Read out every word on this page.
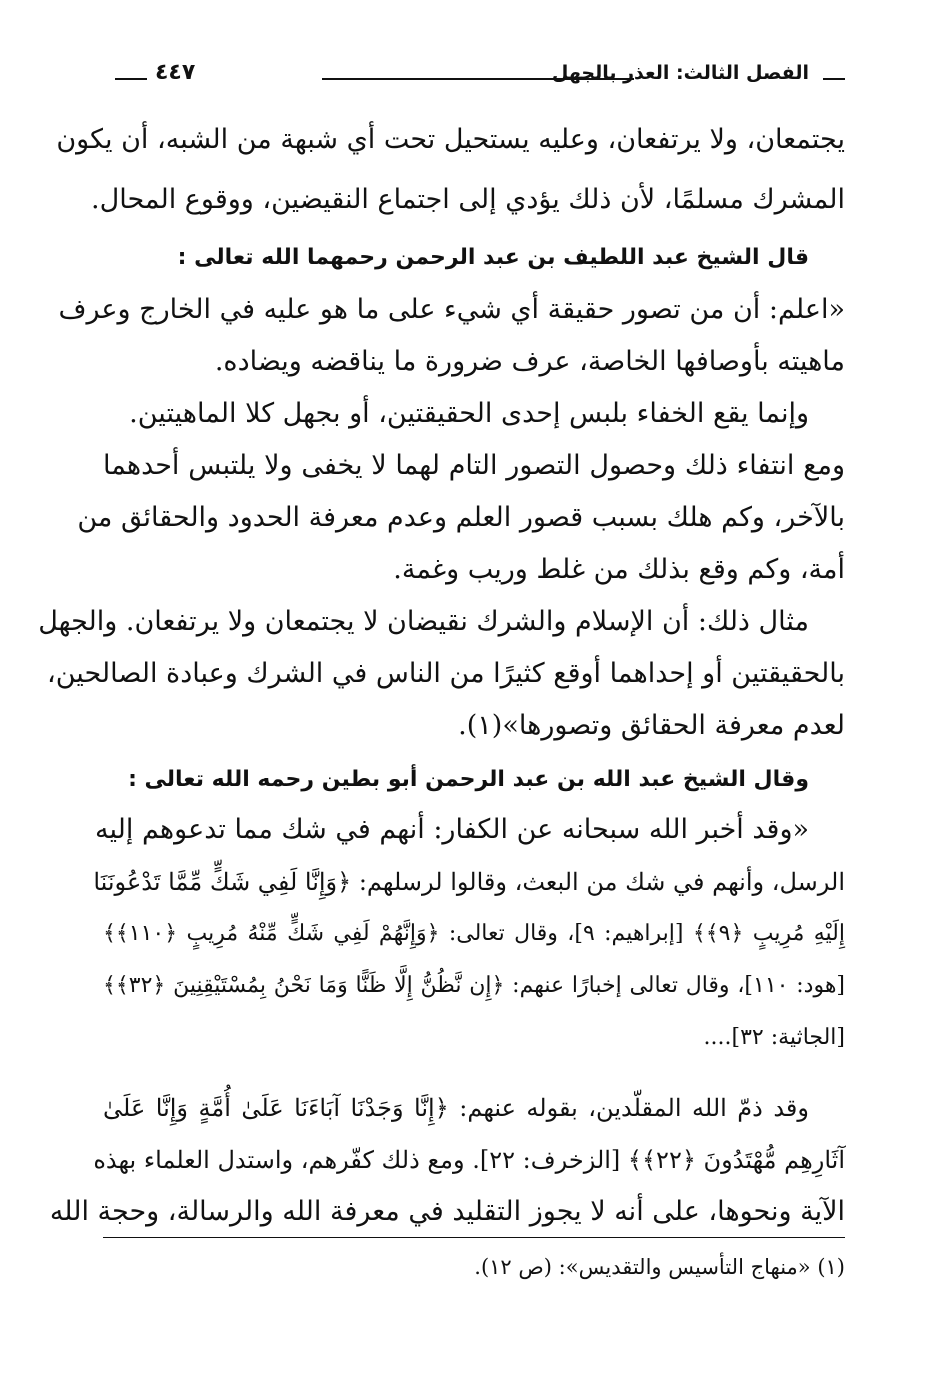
الفصل الثالث: العذر بالجهل
٤٤٧
يجتمعان، ولا يرتفعان، وعليه يستحيل تحت أي شبهة من الشبه، أن يكون
المشرك مسلمًا، لأن ذلك يؤدي إلى اجتماع النقيضين، ووقوع المحال.
قال الشيخ عبد اللطيف بن عبد الرحمن رحمهما الله تعالى :
«اعلم: أن من تصور حقيقة أي شيء على ما هو عليه في الخارج وعرف
ماهيته بأوصافها الخاصة، عرف ضرورة ما يناقضه ويضاده.
وإنما يقع الخفاء بلبس إحدى الحقيقتين، أو بجهل كلا الماهيتين.
ومع انتفاء ذلك وحصول التصور التام لهما لا يخفى ولا يلتبس أحدهما
بالآخر، وكم هلك بسبب قصور العلم وعدم معرفة الحدود والحقائق من
أمة، وكم وقع بذلك من غلط وريب وغمة.
مثال ذلك: أن الإسلام والشرك نقيضان لا يجتمعان ولا يرتفعان. والجهل
بالحقيقتين أو إحداهما أوقع كثيرًا من الناس في الشرك وعبادة الصالحين،
لعدم معرفة الحقائق وتصورها»(١).
وقال الشيخ عبد الله بن عبد الرحمن أبو بطين رحمه الله تعالى :
«وقد أخبر الله سبحانه عن الكفار: أنهم في شك مما تدعوهم إليه
الرسل، وأنهم في شك من البعث، وقالوا لرسلهم: ﴿وَإِنَّا لَفِي شَكٍّ مِّمَّا تَدْعُونَنَا
إِلَيْهِ مُرِيبٍ ﴿٩﴾﴾ [إبراهيم: ٩]، وقال تعالى: ﴿وَإِنَّهُمْ لَفِي شَكٍّ مِّنْهُ مُرِيبٍ ﴿١١٠﴾﴾
[هود: ١١٠]، وقال تعالى إخبارًا عنهم: ﴿إِن نَّظُنُّ إِلَّا ظَنًّا وَمَا نَحْنُ بِمُسْتَيْقِنِينَ ﴿٣٢﴾﴾
[الجاثية: ٣٢]....
وقد ذمّ الله المقلّدين، بقوله عنهم: ﴿إِنَّا وَجَدْنَا آبَاءَنَا عَلَىٰ أُمَّةٍ وَإِنَّا عَلَىٰ
آثَارِهِم مُّهْتَدُونَ ﴿٢٢﴾﴾ [الزخرف: ٢٢]. ومع ذلك كفّرهم، واستدل العلماء بهذه
الآية ونحوها، على أنه لا يجوز التقليد في معرفة الله والرسالة، وحجة الله
(١) «منهاج التأسيس والتقديس»: (ص ١٢).
